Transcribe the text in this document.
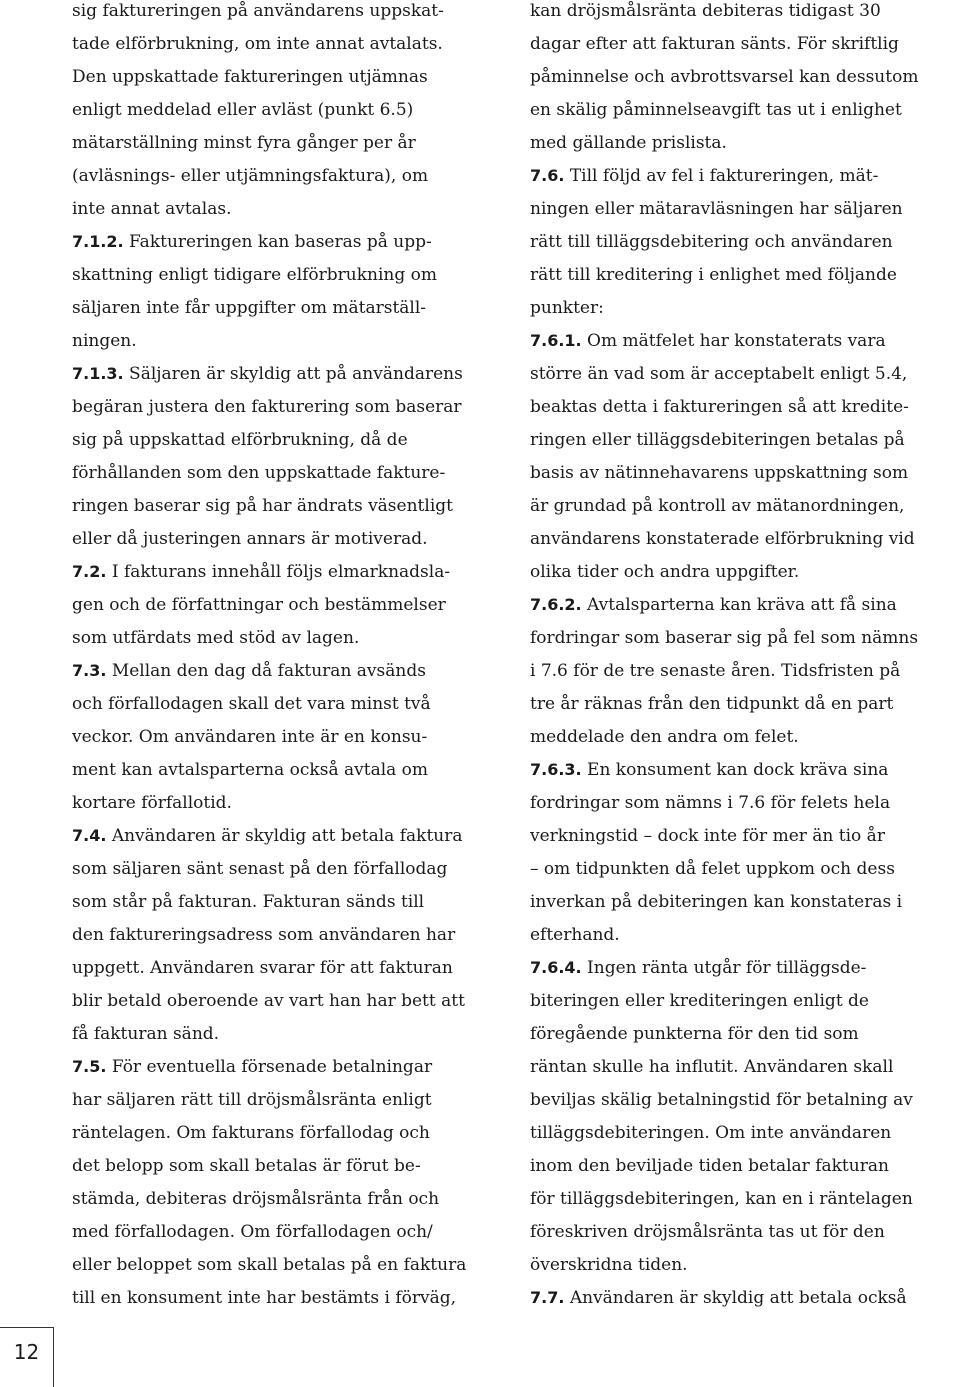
sig faktureringen på användarens uppskat-
tade elförbrukning, om inte annat avtalats.
Den uppskattade faktureringen utjämnas
enligt meddelad eller avläst (punkt 6.5)
mätarställning minst fyra gånger per år
(avläsnings- eller utjämningsfaktura), om
inte annat avtalas.
7.1.2. Faktureringen kan baseras på upp-
skattning enligt tidigare elförbrukning om
säljaren inte får uppgifter om mätarställ-
ningen.
7.1.3. Säljaren är skyldig att på användarens
begäran justera den fakturering som baserar
sig på uppskattad elförbrukning, då de
förhållanden som den uppskattade fakture-
ringen baserar sig på har ändrats väsentligt
eller då justeringen annars är motiverad.
7.2. I fakturans innehåll följs elmarknadsla-
gen och de författningar och bestämmelser
som utfärdats med stöd av lagen.
7.3. Mellan den dag då fakturan avsänds
och förfallodagen skall det vara minst två
veckor. Om användaren inte är en konsu-
ment kan avtalsparterna också avtala om
kortare förfallotid.
7.4. Användaren är skyldig att betala faktura
som säljaren sänt senast på den förfallodag
som står på fakturan. Fakturan sänds till
den faktureringsadress som användaren har
uppgett. Användaren svarar för att fakturan
blir betald oberoende av vart han har bett att
få fakturan sänd.
7.5. För eventuella försenade betalningar
har säljaren rätt till dröjsmålsränta enligt
räntelagen. Om fakturans förfallodag och
det belopp som skall betalas är förut be-
stämda, debiteras dröjsmålsränta från och
med förfallodagen. Om förfallodagen och/
eller beloppet som skall betalas på en faktura
till en konsument inte har bestämts i förväg,
kan dröjsmålsränta debiteras tidigast 30
dagar efter att fakturan sänts. För skriftlig
påminnelse och avbrottsvarsel kan dessutom
en skälig påminnelseavgift tas ut i enlighet
med gällande prislista.
7.6. Till följd av fel i faktureringen, mät-
ningen eller mätaravläsningen har säljaren
rätt till tilläggsdebitering och användaren
rätt till kreditering i enlighet med följande
punkter:
7.6.1. Om mätfelet har konstaterats vara
större än vad som är acceptabelt enligt 5.4,
beaktas detta i faktureringen så att kredite-
ringen eller tilläggsdebiteringen betalas på
basis av nätinnehavarens uppskattning som
är grundad på kontroll av mätanordningen,
användarens konstaterade elförbrukning vid
olika tider och andra uppgifter.
7.6.2. Avtalsparterna kan kräva att få sina
fordringar som baserar sig på fel som nämns
i 7.6 för de tre senaste åren. Tidsfristen på
tre år räknas från den tidpunkt då en part
meddelade den andra om felet.
7.6.3. En konsument kan dock kräva sina
fordringar som nämns i 7.6 för felets hela
verkningstid – dock inte för mer än tio år
– om tidpunkten då felet uppkom och dess
inverkan på debiteringen kan konstateras i
efterhand.
7.6.4. Ingen ränta utgår för tilläggsde-
biteringen eller krediteringen enligt de
föregående punkterna för den tid som
räntan skulle ha influtit. Användaren skall
beviljas skälig betalningstid för betalning av
tilläggsdebiteringen. Om inte användaren
inom den beviljade tiden betalar fakturan
för tilläggsdebiteringen, kan en i räntelagen
föreskriven dröjsmålsränta tas ut för den
överskridna tiden.
7.7. Användaren är skyldig att betala också
12
